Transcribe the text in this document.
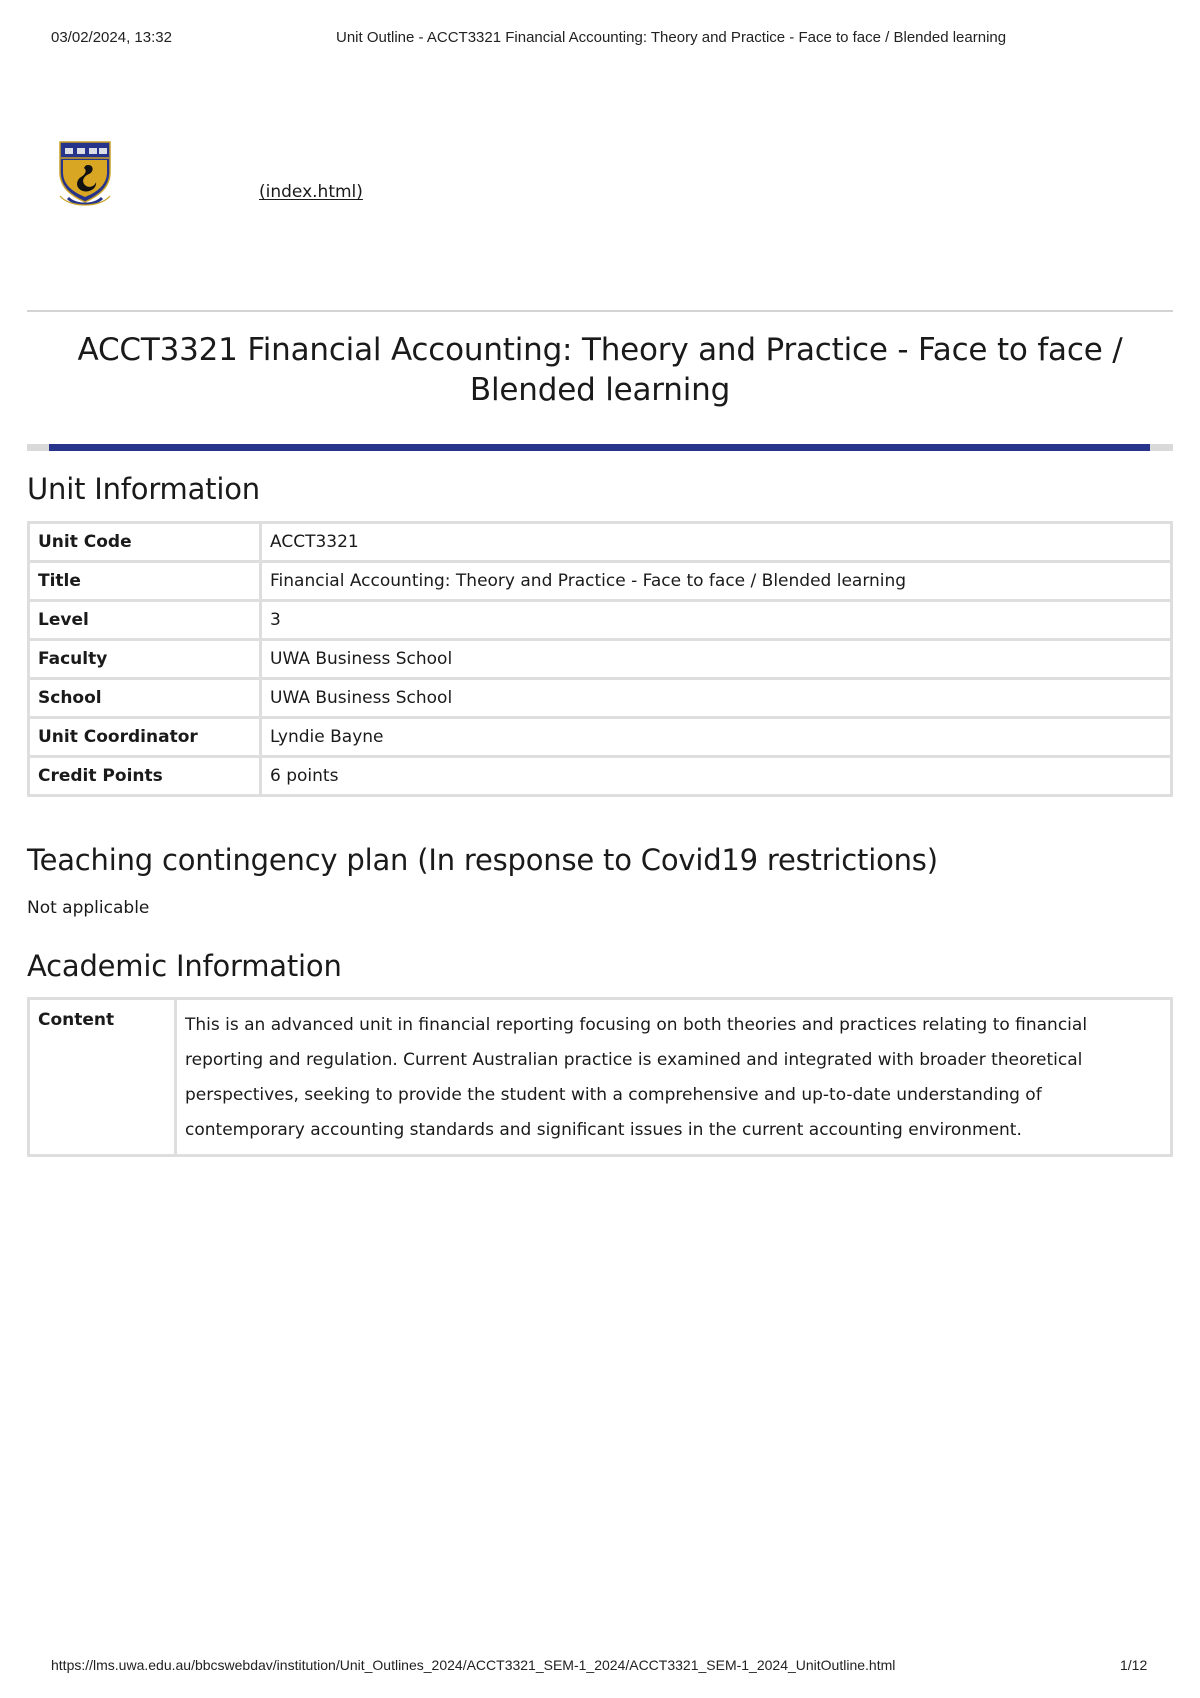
03/02/2024, 13:32	Unit Outline - ACCT3321 Financial Accounting: Theory and Practice - Face to face / Blended learning
(index.html)
ACCT3321 Financial Accounting: Theory and Practice - Face to face / Blended learning
Unit Information
Unit Code	ACCT3321
Title	Financial Accounting: Theory and Practice - Face to face / Blended learning
Level	3
Faculty	UWA Business School
School	UWA Business School
Unit Coordinator	Lyndie Bayne
Credit Points	6 points
Teaching contingency plan (In response to Covid19 restrictions)
Not applicable
Academic Information
Content	This is an advanced unit in financial reporting focusing on both theories and practices relating to financial reporting and regulation. Current Australian practice is examined and integrated with broader theoretical perspectives, seeking to provide the student with a comprehensive and up-to-date understanding of contemporary accounting standards and significant issues in the current accounting environment.
https://lms.uwa.edu.au/bbcswebdav/institution/Unit_Outlines_2024/ACCT3321_SEM-1_2024/ACCT3321_SEM-1_2024_UnitOutline.html	1/12
